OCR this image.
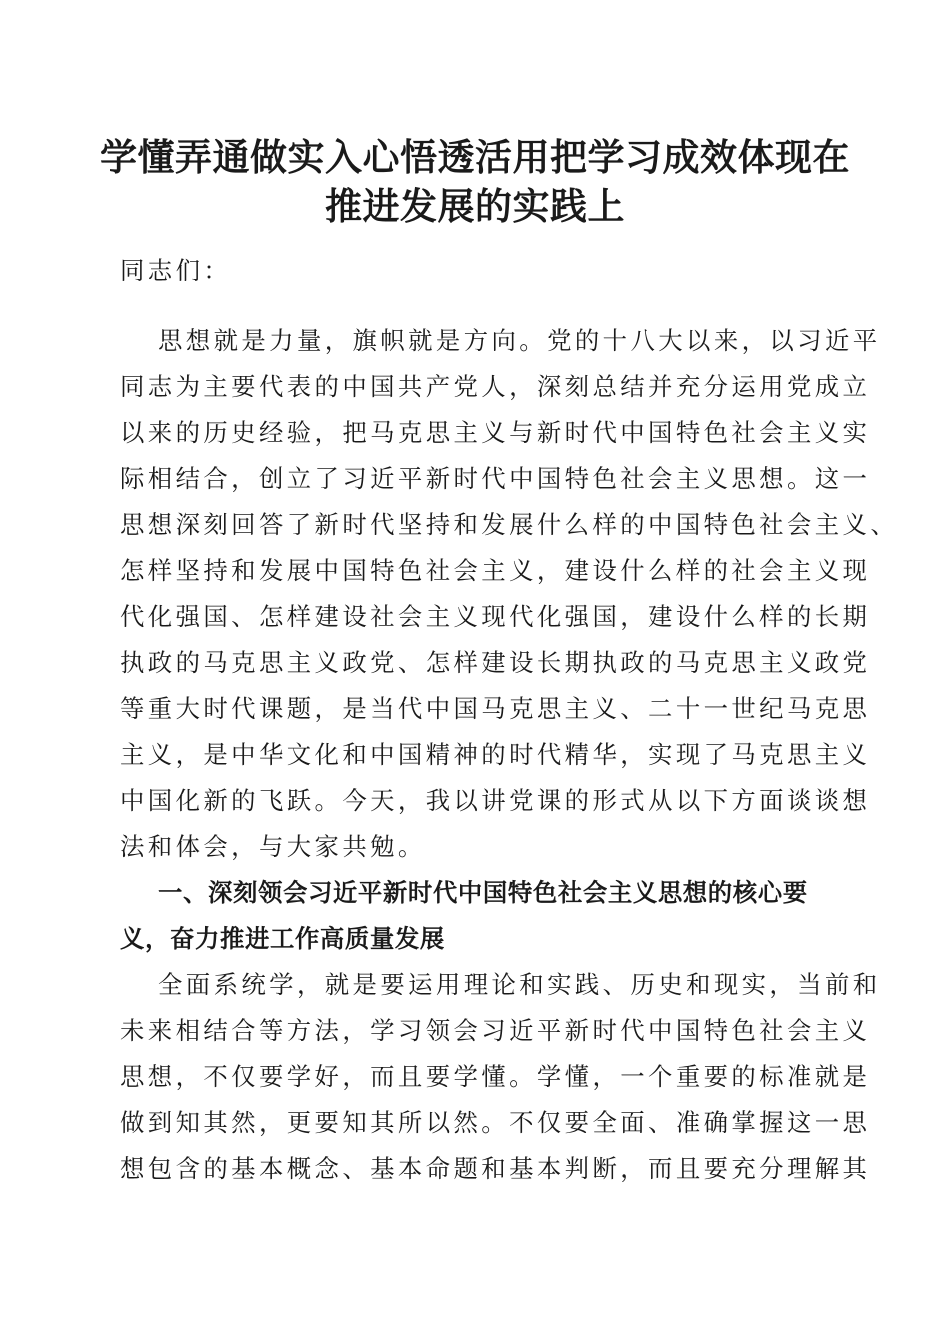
学懂弄通做实入心悟透活用把学习成效体现在
推进发展的实践上
同志们：
思想就是力量，旗帜就是方向。党的十八大以来，以习近平
同志为主要代表的中国共产党人，深刻总结并充分运用党成立
以来的历史经验，把马克思主义与新时代中国特色社会主义实
际相结合，创立了习近平新时代中国特色社会主义思想。这一
思想深刻回答了新时代坚持和发展什么样的中国特色社会主义、
怎样坚持和发展中国特色社会主义，建设什么样的社会主义现
代化强国、怎样建设社会主义现代化强国，建设什么样的长期
执政的马克思主义政党、怎样建设长期执政的马克思主义政党
等重大时代课题，是当代中国马克思主义、二十一世纪马克思
主义，是中华文化和中国精神的时代精华，实现了马克思主义
中国化新的飞跃。今天，我以讲党课的形式从以下方面谈谈想
法和体会，与大家共勉。
一、深刻领会习近平新时代中国特色社会主义思想的核心要
义，奋力推进工作高质量发展
全面系统学，就是要运用理论和实践、历史和现实，当前和
未来相结合等方法，学习领会习近平新时代中国特色社会主义
思想，不仅要学好，而且要学懂。学懂，一个重要的标准就是
做到知其然，更要知其所以然。不仅要全面、准确掌握这一思
想包含的基本概念、基本命题和基本判断，而且要充分理解其
